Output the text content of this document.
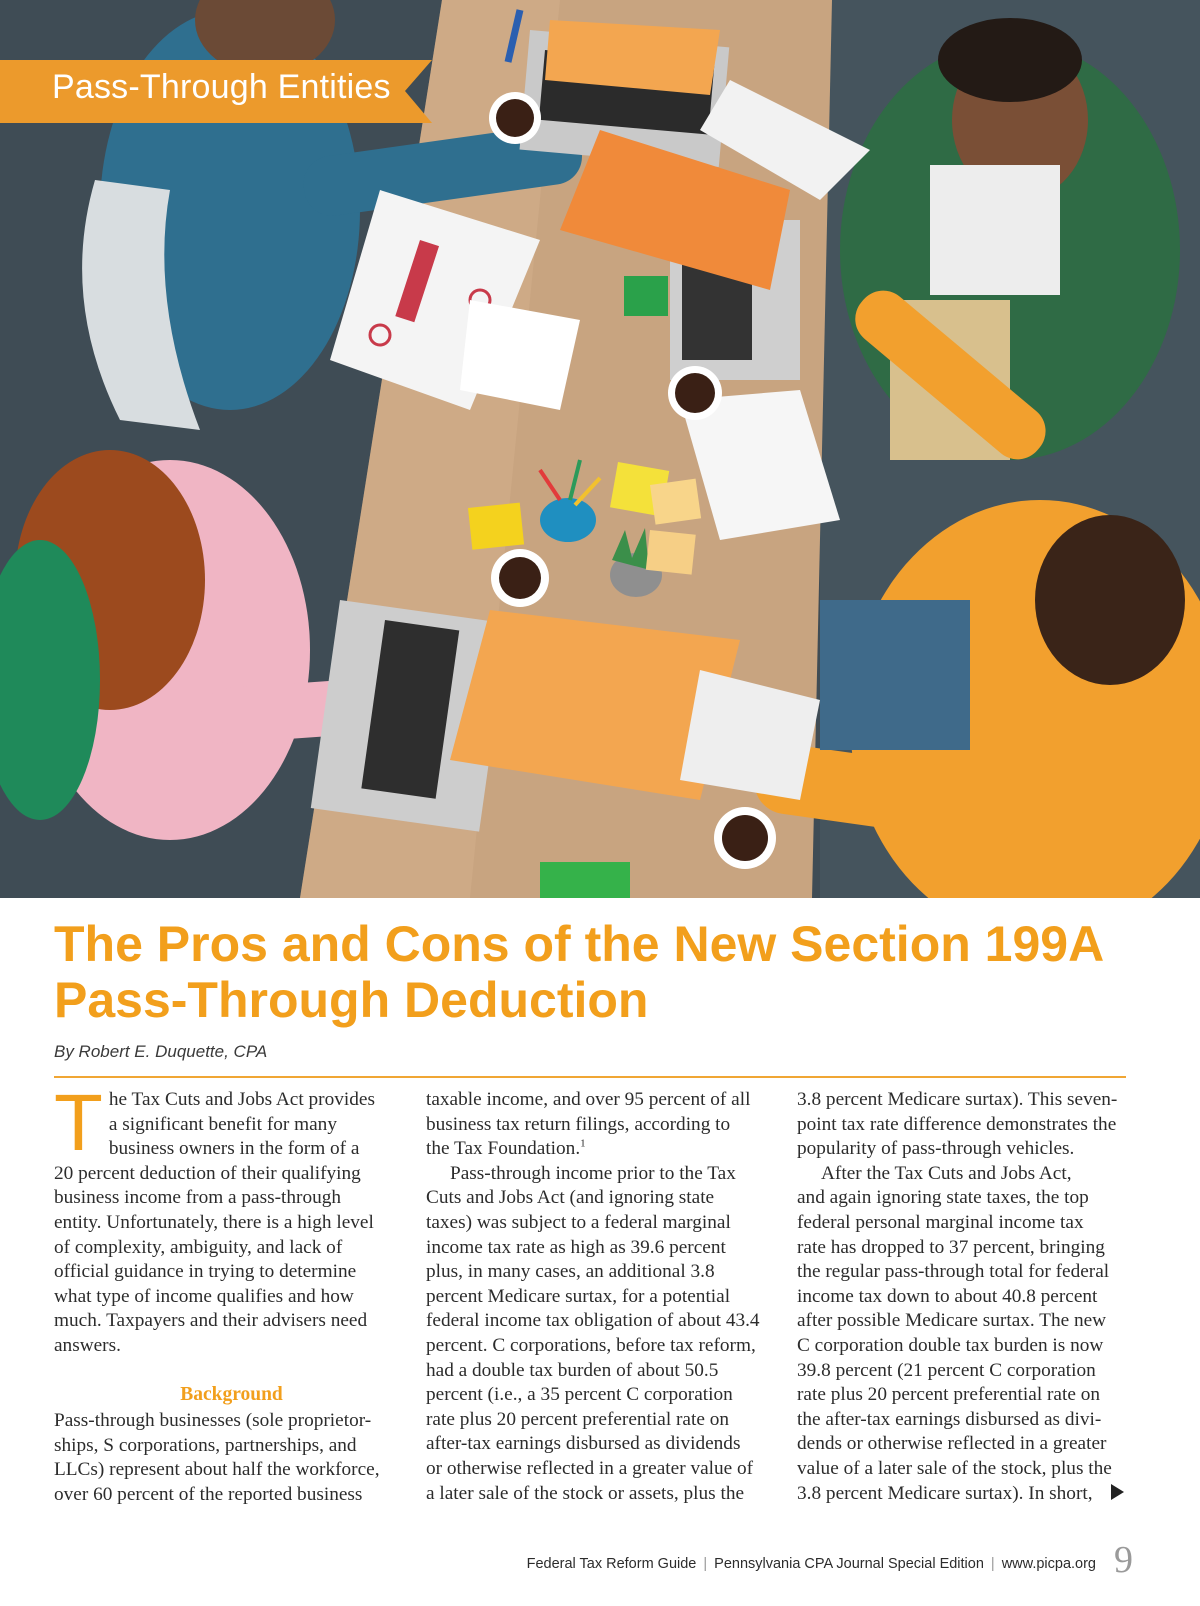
Pass-Through Entities
The Pros and Cons of the New Section 199A
Pass-Through Deduction
By Robert E. Duquette, CPA
T he Tax Cuts and Jobs Act provides
a significant benefit for many
business owners in the form of a
20 percent deduction of their qualifying
business income from a pass-through
entity. Unfortunately, there is a high level
of complexity, ambiguity, and lack of
official guidance in trying to determine
what type of income qualifies and how
much. Taxpayers and their advisers need
answers.
Background
Pass-through businesses (sole proprietor-
ships, S corporations, partnerships, and
LLCs) represent about half the workforce,
over 60 percent of the reported business
taxable income, and over 95 percent of all
business tax return filings, according to
the Tax Foundation.$^1$
Pass-through income prior to the Tax
Cuts and Jobs Act (and ignoring state
taxes) was subject to a federal marginal
income tax rate as high as 39.6 percent
plus, in many cases, an additional 3.8
percent Medicare surtax, for a potential
federal income tax obligation of about 43.4
percent. C corporations, before tax reform,
had a double tax burden of about 50.5
percent (i.e., a 35 percent C corporation
rate plus 20 percent preferential rate on
after-tax earnings disbursed as dividends
or otherwise reflected in a greater value of
a later sale of the stock or assets, plus the
3.8 percent Medicare surtax). This seven-
point tax rate difference demonstrates the
popularity of pass-through vehicles.
After the Tax Cuts and Jobs Act,
and again ignoring state taxes, the top
federal personal marginal income tax
rate has dropped to 37 percent, bringing
the regular pass-through total for federal
income tax down to about 40.8 percent
after possible Medicare surtax. The new
C corporation double tax burden is now
39.8 percent (21 percent C corporation
rate plus 20 percent preferential rate on
the after-tax earnings disbursed as divi-
dends or otherwise reflected in a greater
value of a later sale of the stock, plus the
3.8 percent Medicare surtax). In short,
Federal Tax Reform Guide | Pennsylvania CPA Journal Special Edition | www.picpa.org 9
